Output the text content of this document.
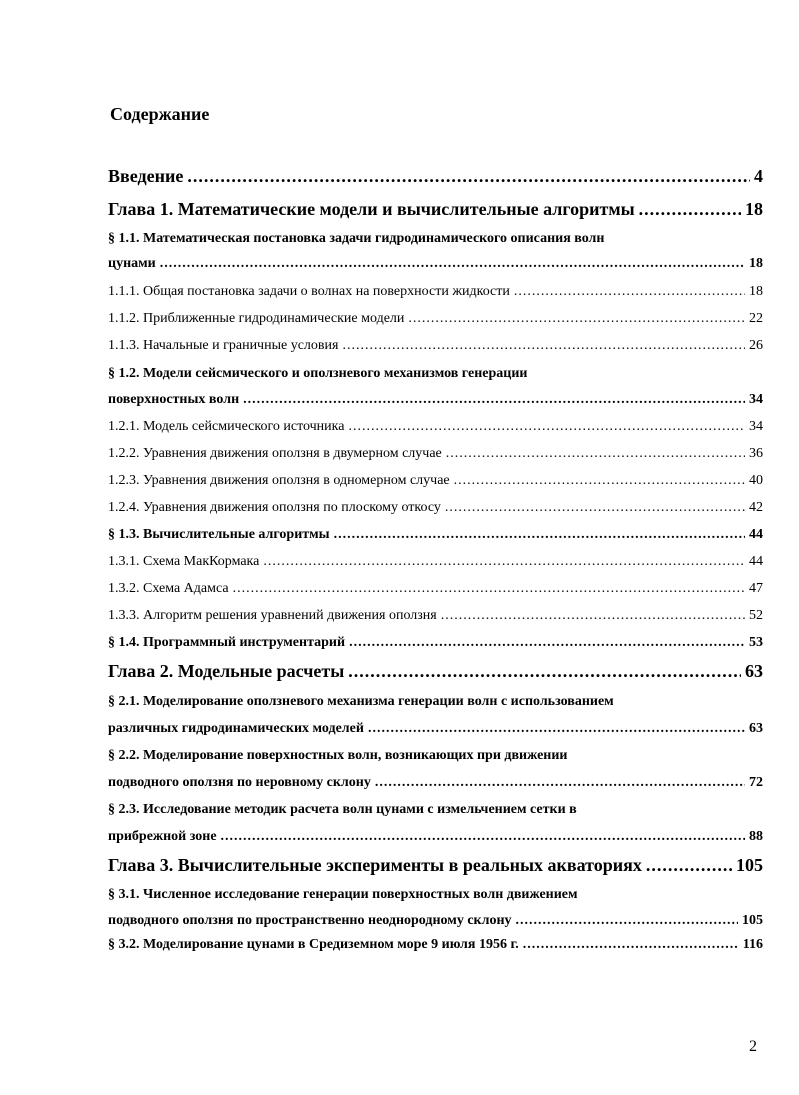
Содержание
Введение .....	4
Глава 1. Математические модели и вычислительные алгоритмы .....	18
§ 1.1. Математическая постановка задачи гидродинамического описания волн
цунами .....	18
1.1.1. Общая постановка задачи о волнах на поверхности жидкости .....	18
1.1.2. Приближенные гидродинамические модели .....	22
1.1.3. Начальные и граничные условия .....	26
§ 1.2. Модели сейсмического и оползневого механизмов генерации
поверхностных волн .....	34
1.2.1. Модель сейсмического источника .....	34
1.2.2. Уравнения движения оползня в двумерном случае .....	36
1.2.3. Уравнения движения оползня в одномерном случае .....	40
1.2.4. Уравнения движения оползня по плоскому откосу .....	42
§ 1.3. Вычислительные алгоритмы .....	44
1.3.1. Схема МакКормака .....	44
1.3.2. Схема Адамса .....	47
1.3.3. Алгоритм решения уравнений движения оползня .....	52
§ 1.4. Программный инструментарий .....	53
Глава 2. Модельные расчеты .....	63
§ 2.1. Моделирование оползневого механизма генерации волн с использованием
различных гидродинамических моделей .....	63
§ 2.2. Моделирование поверхностных волн, возникающих при движении
подводного оползня по неровному склону .....	72
§ 2.3. Исследование методик расчета волн цунами с измельчением сетки в
прибрежной зоне .....	88
Глава 3. Вычислительные эксперименты в реальных акваториях .....	105
§ 3.1. Численное исследование генерации поверхностных волн движением
подводного оползня по пространственно неоднородному склону .....	105
§ 3.2. Моделирование цунами в Средиземном море 9 июля 1956 г. .....	116
2
